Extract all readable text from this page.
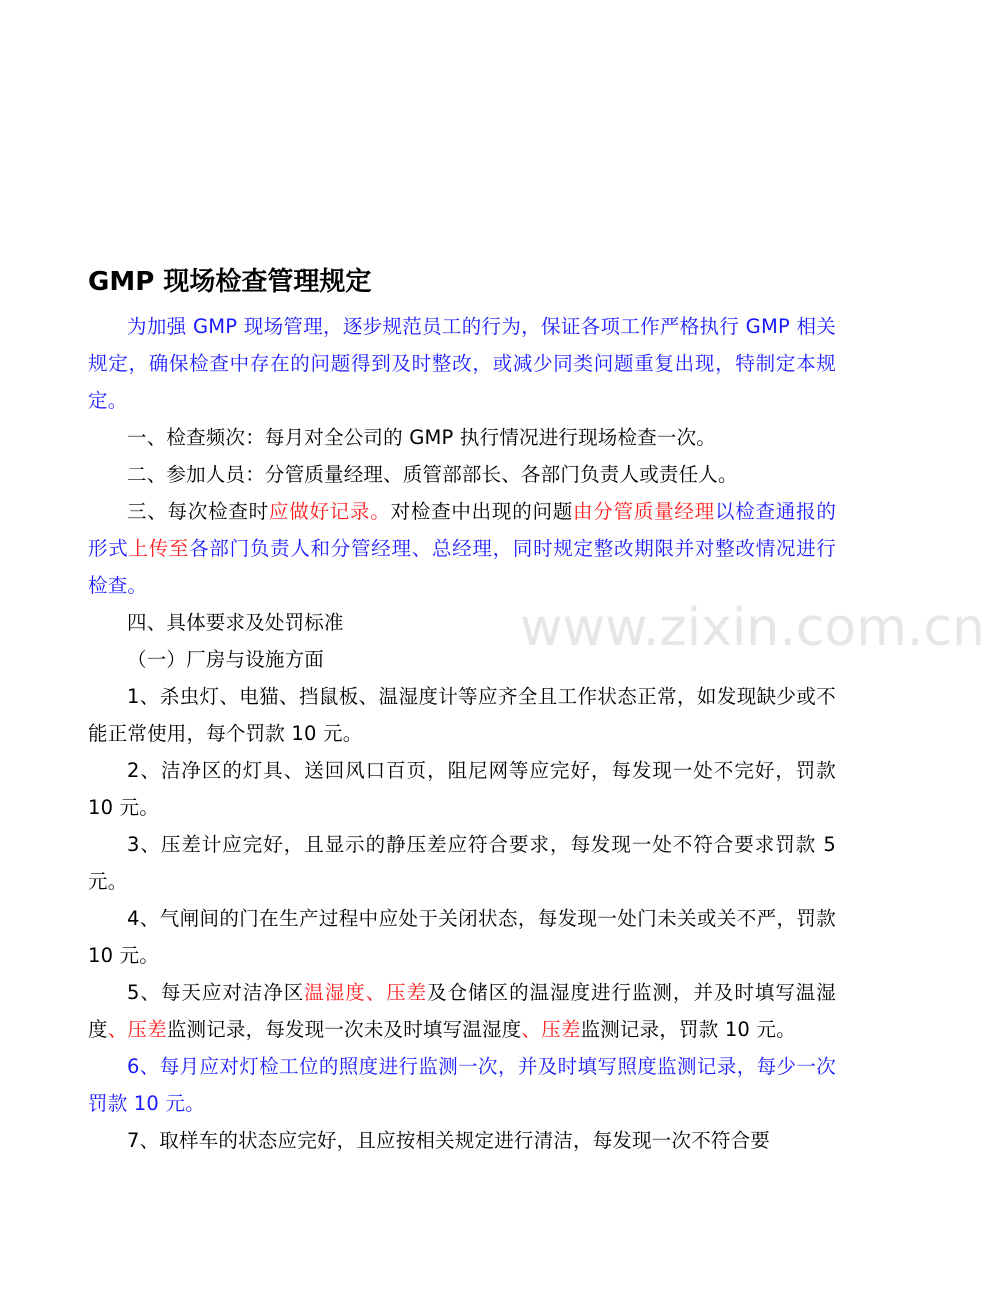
www.zixin.com.cn
GMP 现场检查管理规定

为加强 GMP 现场管理，逐步规范员工的行为，保证各项工作严格执行 GMP 相关规定，确保检查中存在的问题得到及时整改，或减少同类问题重复出现，特制定本规定。

一、检查频次：每月对全公司的 GMP 执行情况进行现场检查一次。

二、参加人员：分管质量经理、质管部部长、各部门负责人或责任人。

三、每次检查时应做好记录。对检查中出现的问题由分管质量经理以检查通报的形式上传至各部门负责人和分管经理、总经理，同时规定整改期限并对整改情况进行检查。

四、具体要求及处罚标准

（一）厂房与设施方面

1、杀虫灯、电猫、挡鼠板、温湿度计等应齐全且工作状态正常，如发现缺少或不能正常使用，每个罚款 10 元。

2、洁净区的灯具、送回风口百页，阻尼网等应完好，每发现一处不完好，罚款 10 元。

3、压差计应完好，且显示的静压差应符合要求，每发现一处不符合要求罚款 5 元。

4、气闸间的门在生产过程中应处于关闭状态，每发现一处门未关或关不严，罚款 10 元。

5、每天应对洁净区温湿度、压差及仓储区的温湿度进行监测，并及时填写温湿度、压差监测记录，每发现一次未及时填写温湿度、压差监测记录，罚款 10 元。

6、每月应对灯检工位的照度进行监测一次，并及时填写照度监测记录，每少一次罚款 10 元。

7、取样车的状态应完好，且应按相关规定进行清洁，每发现一次不符合要
